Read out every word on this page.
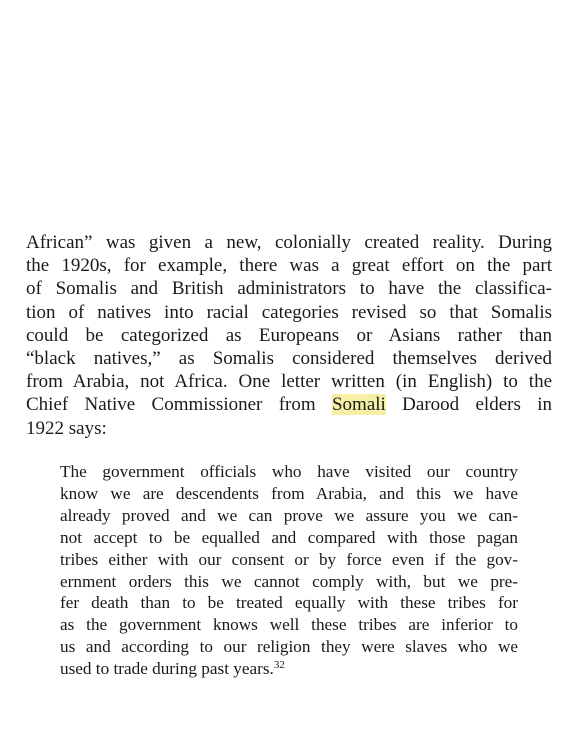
African” was given a new, colonially created reality. During
the 1920s, for example, there was a great effort on the part
of Somalis and British administrators to have the classifica-
tion of natives into racial categories revised so that Somalis
could be categorized as Europeans or Asians rather than
“black natives,” as Somalis considered themselves derived
from Arabia, not Africa. One letter written (in English) to the
Chief Native Commissioner from Somali Darood elders in
1922 says:

The government officials who have visited our country
know we are descendents from Arabia, and this we have
already proved and we can prove we assure you we can-
not accept to be equalled and compared with those pagan
tribes either with our consent or by force even if the gov-
ernment orders this we cannot comply with, but we pre-
fer death than to be treated equally with these tribes for
as the government knows well these tribes are inferior to
us and according to our religion they were slaves who we
used to trade during past years.$^{32}$
